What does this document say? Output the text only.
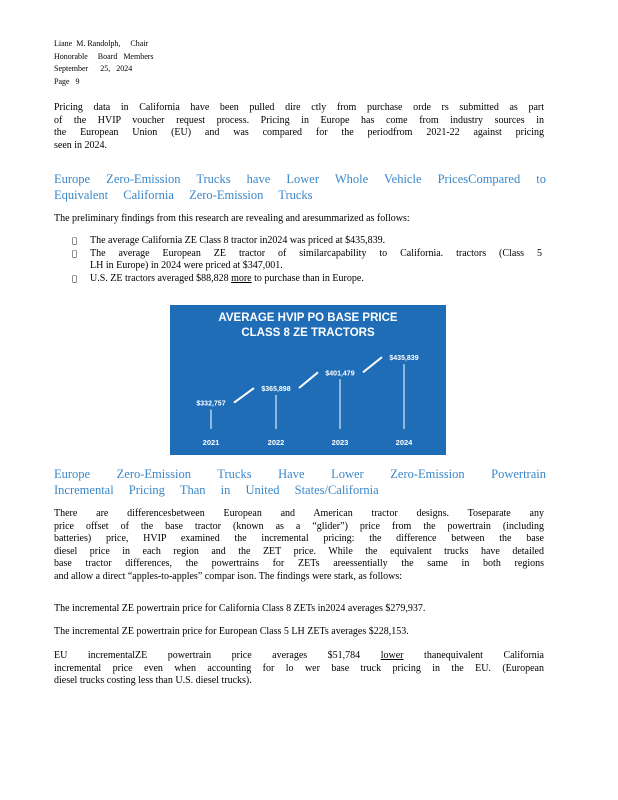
Liane  M. Randolph,     Chair
Honorable     Board   Members
September      25,   2024
Page   9
Pricing data in California have been pulled dire ctly from purchase orde rs submitted as part
of the HVIP voucher request process. Pricing in Europe has come from industry sources in
the European Union (EU) and was compared for the periodfrom 2021-22 against pricing
seen in 2024.
Europe Zero-Emission Trucks have Lower Whole Vehicle PricesCompared to
Equivalent California Zero-Emission Trucks
The preliminary findings from this research are revealing and aresummarized as follows:
The average California ZE Class 8 tractor in2024 was priced at $435,839.
The average European ZE tractor of similarcapability to California. tractors (Class 5
LH in Europe) in 2024 were priced at $347,001.
U.S. ZE tractors averaged $88,828 more to purchase than in Europe.
AVERAGE HVIP PO BASE PRICE
CLASS 8 ZE TRACTORS
$332,757
2021
$365,898
2022
$401,479
2023
$435,839
2024
Europe Zero-Emission Trucks Have Lower Zero-Emission Powertrain
Incremental Pricing Than in United States/California
There are differencesbetween European and American tractor designs. Toseparate any
price offset of the base tractor (known as a “glider”) price from the powertrain (including
batteries) price, HVIP examined the incremental pricing: the difference between the base
diesel price in each region and the ZET price. While the equivalent trucks have detailed
base tractor differences, the powertrains for ZETs areessentially the same in both regions
and allow a direct “apples-to-apples” compar ison. The findings were stark, as follows:
The incremental ZE powertrain price for California Class 8 ZETs in2024 averages $279,937.
The incremental ZE powertrain price for European Class 5 LH ZETs averages $228,153.
EU incrementalZE powertrain price averages $51,784 lower thanequivalent California
incremental price even when accounting for lo wer base truck pricing in the EU. (European
diesel trucks costing less than U.S. diesel trucks).
